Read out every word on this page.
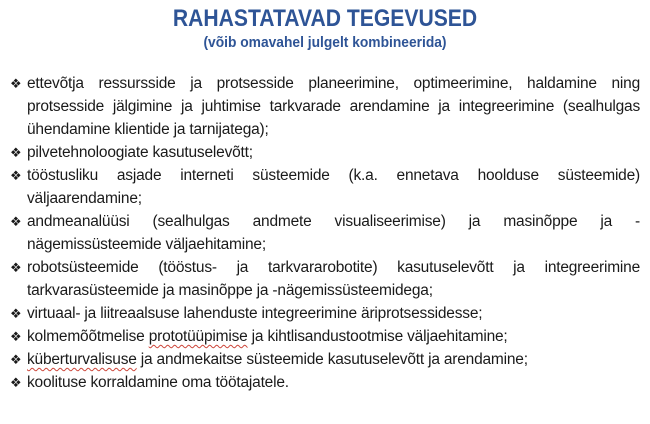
RAHASTATAVAD TEGEVUSED
(võib omavahel julgelt kombineerida)
❖ ettevõtja ressursside ja protsesside planeerimine, optimeerimine, haldamine ning protsesside jälgimine ja juhtimise tarkvarade arendamine ja integreerimine (sealhulgas ühendamine klientide ja tarnijatega);
❖ pilvetehnoloogiate kasutuselevõtt;
❖ tööstusliku asjade interneti süsteemide (k.a. ennetava hoolduse süsteemide) väljaarendamine;
❖ andmeanalüüsi (sealhulgas andmete visualiseerimise) ja masinõppe ja -nägemissüsteemide väljaehitamine;
❖ robotsüsteemide (tööstus- ja tarkvararobotite) kasutuselevõtt ja integreerimine tarkvarasüsteemide ja masinõppe ja -nägemissüsteemidega;
❖ virtuaal- ja liitreaalsuse lahenduste integreerimine äriprotsessidesse;
❖ kolmemõõtmelise prototüüpimise ja kihtlisandustootmise väljaehitamine;
❖ küberturvalisuse ja andmekaitse süsteemide kasutuselevõtt ja arendamine;
❖ koolituse korraldamine oma töötajatele.
